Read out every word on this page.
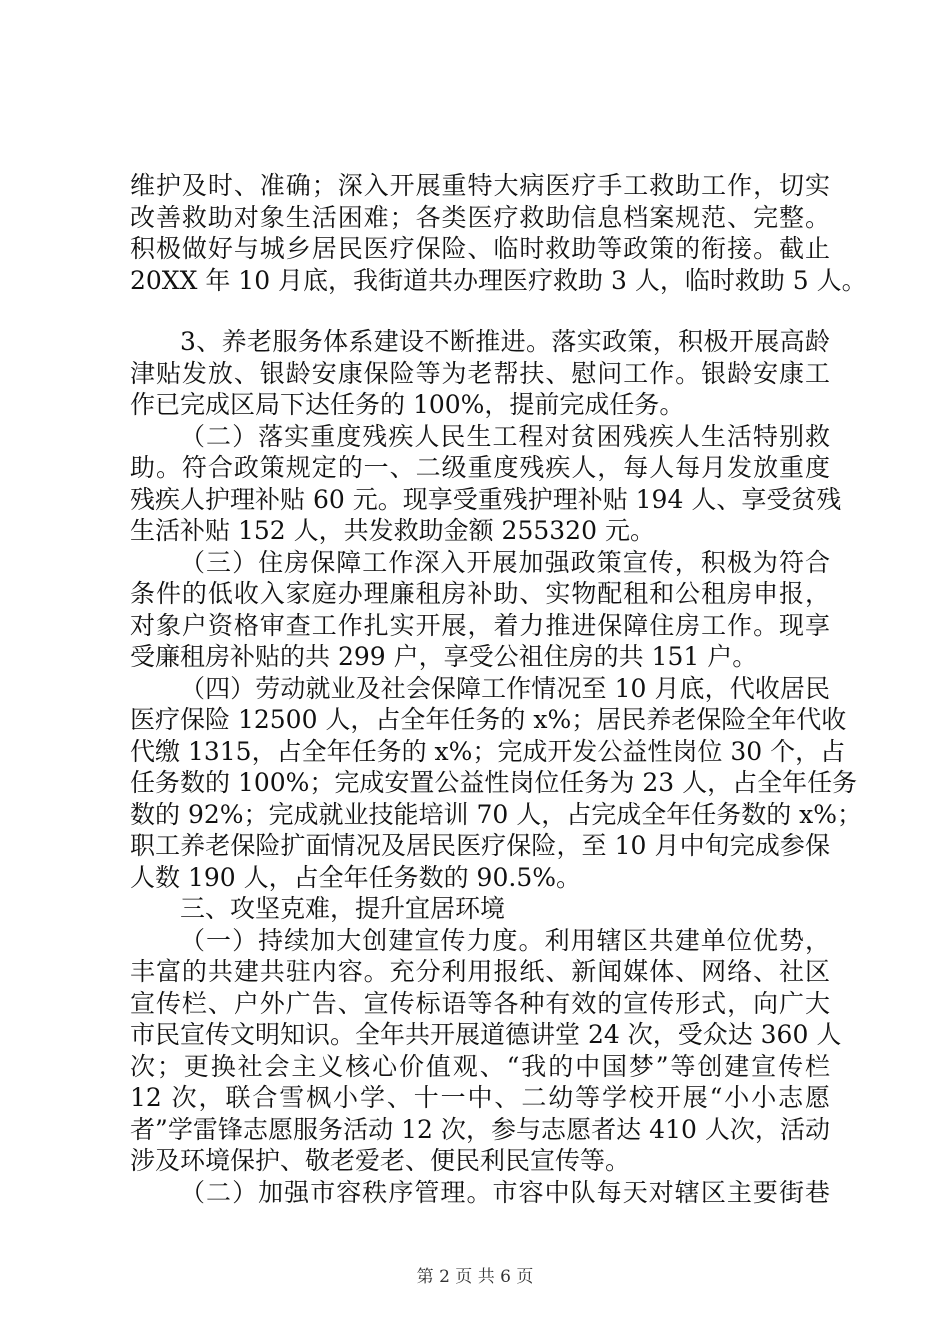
维护及时、准确；深入开展重特大病医疗手工救助工作，切实
改善救助对象生活困难；各类医疗救助信息档案规范、完整。
积极做好与城乡居民医疗保险、临时救助等政策的衔接。截止
20XX 年 10 月底，我街道共办理医疗救助 3 人，临时救助 5 人。
3、养老服务体系建设不断推进。落实政策，积极开展高龄
津贴发放、银龄安康保险等为老帮扶、慰问工作。银龄安康工
作已完成区局下达任务的 100%，提前完成任务。
（二）落实重度残疾人民生工程对贫困残疾人生活特别救
助。符合政策规定的一、二级重度残疾人，每人每月发放重度
残疾人护理补贴 60 元。现享受重残护理补贴 194 人、享受贫残
生活补贴 152 人，共发救助金额 255320 元。
（三）住房保障工作深入开展加强政策宣传，积极为符合
条件的低收入家庭办理廉租房补助、实物配租和公租房申报，
对象户资格审查工作扎实开展，着力推进保障住房工作。现享
受廉租房补贴的共 299 户，享受公祖住房的共 151 户。
（四）劳动就业及社会保障工作情况至 10 月底，代收居民
医疗保险 12500 人，占全年任务的 x%；居民养老保险全年代收
代缴 1315，占全年任务的 x%；完成开发公益性岗位 30 个，占
任务数的 100%；完成安置公益性岗位任务为 23 人，占全年任务
数的 92%；完成就业技能培训 70 人，占完成全年任务数的 x%；
职工养老保险扩面情况及居民医疗保险，至 10 月中旬完成参保
人数 190 人，占全年任务数的 90.5%。
三、攻坚克难，提升宜居环境
（一）持续加大创建宣传力度。利用辖区共建单位优势，
丰富的共建共驻内容。充分利用报纸、新闻媒体、网络、社区
宣传栏、户外广告、宣传标语等各种有效的宣传形式，向广大
市民宣传文明知识。全年共开展道德讲堂 24 次，受众达 360 人
次；更换社会主义核心价值观、“我的中国梦”等创建宣传栏
12 次，联合雪枫小学、十一中、二幼等学校开展“小小志愿
者”学雷锋志愿服务活动 12 次，参与志愿者达 410 人次，活动
涉及环境保护、敬老爱老、便民利民宣传等。
（二）加强市容秩序管理。市容中队每天对辖区主要街巷
第 2 页 共 6 页
